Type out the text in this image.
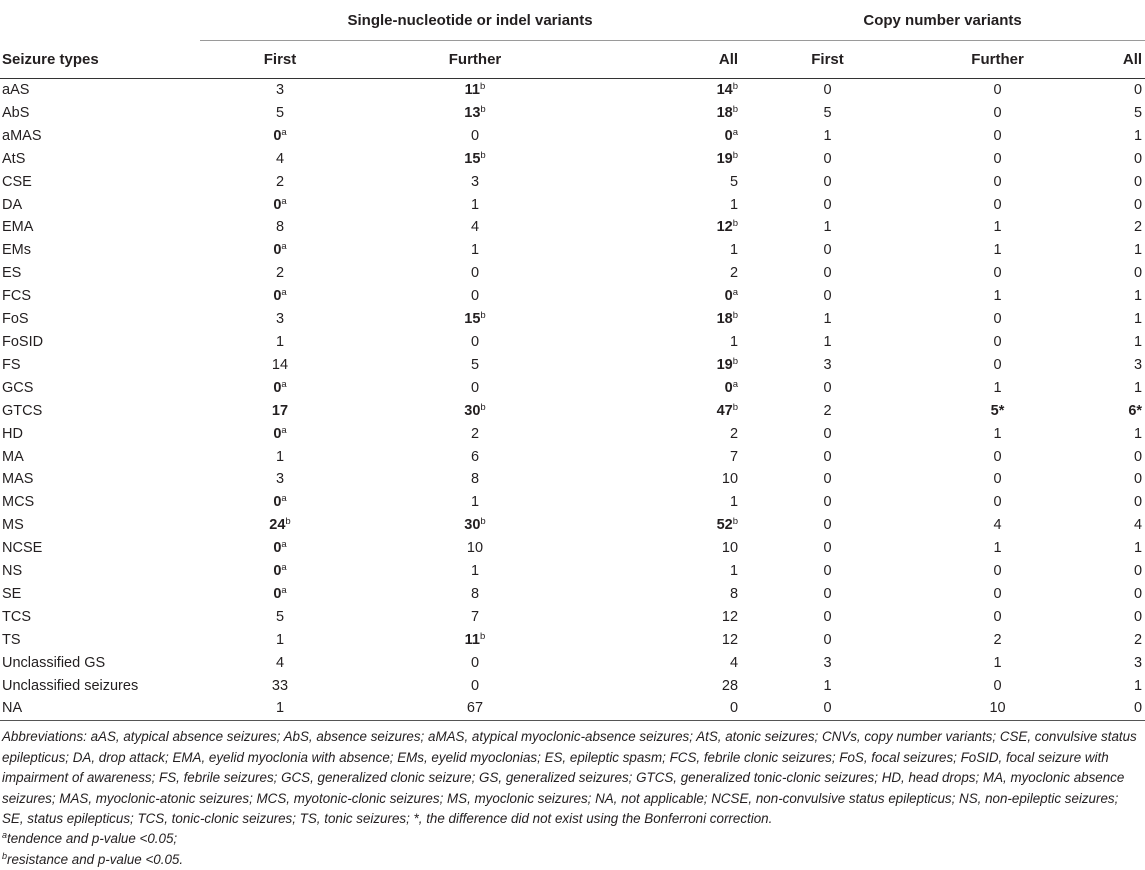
	Single-nucleotide or indel variants			Copy number variants		
Seizure types	First	Further	All	First	Further	All
aAS	3	11$^b$	14$^b$	0	0	0
AbS	5	13$^b$	18$^b$	5	0	5
aMAS	0$^a$	0	0$^a$	1	0	1
AtS	4	15$^b$	19$^b$	0	0	0
CSE	2	3	5	0	0	0
DA	0$^a$	1	1	0	0	0
EMA	8	4	12$^b$	1	1	2
EMs	0$^a$	1	1	0	1	1
ES	2	0	2	0	0	0
FCS	0$^a$	0	0$^a$	0	1	1
FoS	3	15$^b$	18$^b$	1	0	1
FoSID	1	0	1	1	0	1
FS	14	5	19$^b$	3	0	3
GCS	0$^a$	0	0$^a$	0	1	1
GTCS	17	30$^b$	47$^b$	2	5*	6*
HD	0$^a$	2	2	0	1	1
MA	1	6	7	0	0	0
MAS	3	8	10	0	0	0
MCS	0$^a$	1	1	0	0	0
MS	24$^b$	30$^b$	52$^b$	0	4	4
NCSE	0$^a$	10	10	0	1	1
NS	0$^a$	1	1	0	0	0
SE	0$^a$	8	8	0	0	0
TCS	5	7	12	0	0	0
TS	1	11$^b$	12	0	2	2
Unclassified GS	4	0	4	3	1	3
Unclassified seizures	33	0	28	1	0	1
NA	1	67	0	0	10	0

Abbreviations: aAS, atypical absence seizures; AbS, absence seizures; aMAS, atypical myoclonic-absence seizures; AtS, atonic seizures; CNVs, copy number variants; CSE, convulsive status epilepticus; DA, drop attack; EMA, eyelid myoclonia with absence; EMs, eyelid myoclonias; ES, epileptic spasm; FCS, febrile clonic seizures; FoS, focal seizures; FoSID, focal seizure with impairment of awareness; FS, febrile seizures; GCS, generalized clonic seizure; GS, generalized seizures; GTCS, generalized tonic-clonic seizures; HD, head drops; MA, myoclonic absence seizures; MAS, myoclonic-atonic seizures; MCS, myotonic-clonic seizures; MS, myoclonic seizures; NA, not applicable; NCSE, non-convulsive status epilepticus; NS, non-epileptic seizures; SE, status epilepticus; TCS, tonic-clonic seizures; TS, tonic seizures; *, the difference did not exist using the Bonferroni correction.

$^a$tendence and p-value <0.05;

$^b$resistance and p-value <0.05.
